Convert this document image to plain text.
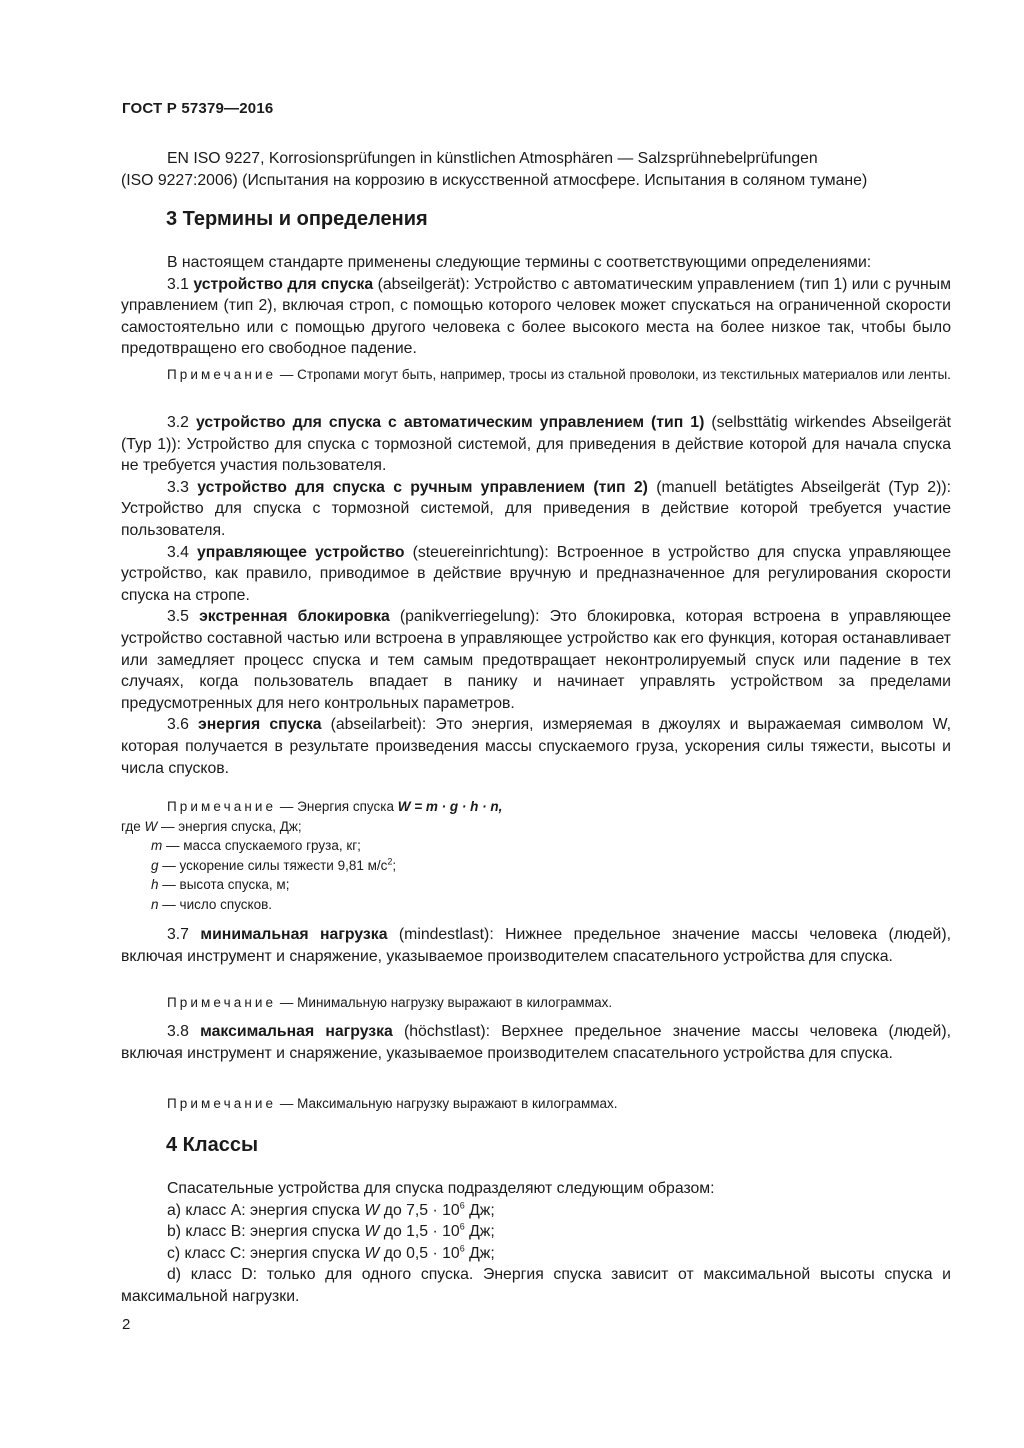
ГОСТ Р 57379—2016

EN ISO 9227, Korrosionsprüfungen in künstlichen Atmosphären — Salzsprühnebelprüfungen

(ISO 9227:2006) (Испытания на коррозию в искусственной атмосфере. Испытания в соляном тумане)

3 Термины и определения

В настоящем стандарте применены следующие термины с соответствующими определениями:

3.1 устройство для спуска (abseilgerät): Устройство с автоматическим управлением (тип 1) или с ручным управлением (тип 2), включая строп, с помощью которого человек может спускаться на ограниченной скорости самостоятельно или с помощью другого человека с более высокого места на более низкое так, чтобы было предотвращено его свободное падение.

Примечание — Стропами могут быть, например, тросы из стальной проволоки, из текстильных материалов или ленты.

3.2 устройство для спуска с автоматическим управлением (тип 1) (selbsttätig wirkendes Abseilgerät (Typ 1)): Устройство для спуска с тормозной системой, для приведения в действие которой для начала спуска не требуется участия пользователя.

3.3 устройство для спуска с ручным управлением (тип 2) (manuell betätigtes Abseilgerät (Typ 2)): Устройство для спуска с тормозной системой, для приведения в действие которой требуется участие пользователя.

3.4 управляющее устройство (steuereinrichtung): Встроенное в устройство для спуска управляющее устройство, как правило, приводимое в действие вручную и предназначенное для регулирования скорости спуска на стропе.

3.5 экстренная блокировка (panikverriegelung): Это блокировка, которая встроена в управляющее устройство составной частью или встроена в управляющее устройство как его функция, которая останавливает или замедляет процесс спуска и тем самым предотвращает неконтролируемый спуск или падение в тех случаях, когда пользователь впадает в панику и начинает управлять устройством за пределами предусмотренных для него контрольных параметров.

3.6 энергия спуска (abseilarbeit): Это энергия, измеряемая в джоулях и выражаемая символом W, которая получается в результате произведения массы спускаемого груза, ускорения силы тяжести, высоты и числа спусков.

Примечание — Энергия спуска W = m · g · h · n,
где W — энергия спуска, Дж;
m — масса спускаемого груза, кг;
g — ускорение силы тяжести 9,81 $м/с^2$;
h — высота спуска, м;
n — число спусков.

3.7 минимальная нагрузка (mindestlast): Нижнее предельное значение массы человека (людей), включая инструмент и снаряжение, указываемое производителем спасательного устройства для спуска.

Примечание — Минимальную нагрузку выражают в килограммах.

3.8 максимальная нагрузка (höchstlast): Верхнее предельное значение массы человека (людей), включая инструмент и снаряжение, указываемое производителем спасательного устройства для спуска.

Примечание — Максимальную нагрузку выражают в килограммах.
4 Классы
Спасательные устройства для спуска подразделяют следующим образом:
a) класс A: энергия спуска W до $7,5 \cdot 10^6$ Дж;
b) класс B: энергия спуска W до $1,5 \cdot 10^6$ Дж;
c) класс C: энергия спуска W до $0,5 \cdot 10^6$ Дж;
d) класс D: только для одного спуска. Энергия спуска зависит от максимальной высоты спуска и максимальной нагрузки.
2
